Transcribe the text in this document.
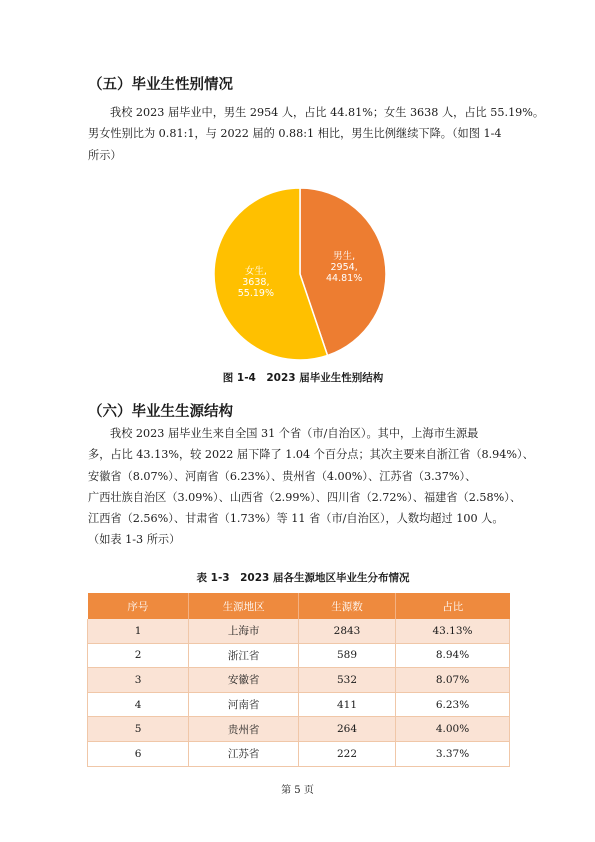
（五）毕业生性别情况
我校 2023 届毕业中，男生 2954 人，占比 44.81%；女生 3638 人，占比 55.19%。
男女性别比为 0.81:1，与 2022 届的 0.88:1 相比，男生比例继续下降。（如图 1-4
所示）
男生, 2954, 44.81%
女生, 3638, 55.19%

图 1-4　2023 届毕业生性别结构

（六）毕业生生源结构
我校 2023 届毕业生来自全国 31 个省（市/自治区）。其中，上海市生源最
多，占比 43.13%，较 2022 届下降了 1.04 个百分点；其次主要来自浙江省（8.94%）、
安徽省（8.07%）、河南省（6.23%）、贵州省（4.00%）、江苏省（3.37%）、
广西壮族自治区（3.09%）、山西省（2.99%）、四川省（2.72%）、福建省（2.58%）、
江西省（2.56%）、甘肃省（1.73%）等 11 省（市/自治区），人数均超过 100 人。
（如表 1-3 所示）

表 1-3　2023 届各生源地区毕业生分布情况

序号	生源地区	生源数	占比
1	上海市	2843	43.13%
2	浙江省	589	8.94%
3	安徽省	532	8.07%
4	河南省	411	6.23%
5	贵州省	264	4.00%
6	江苏省	222	3.37%
第 5 页
